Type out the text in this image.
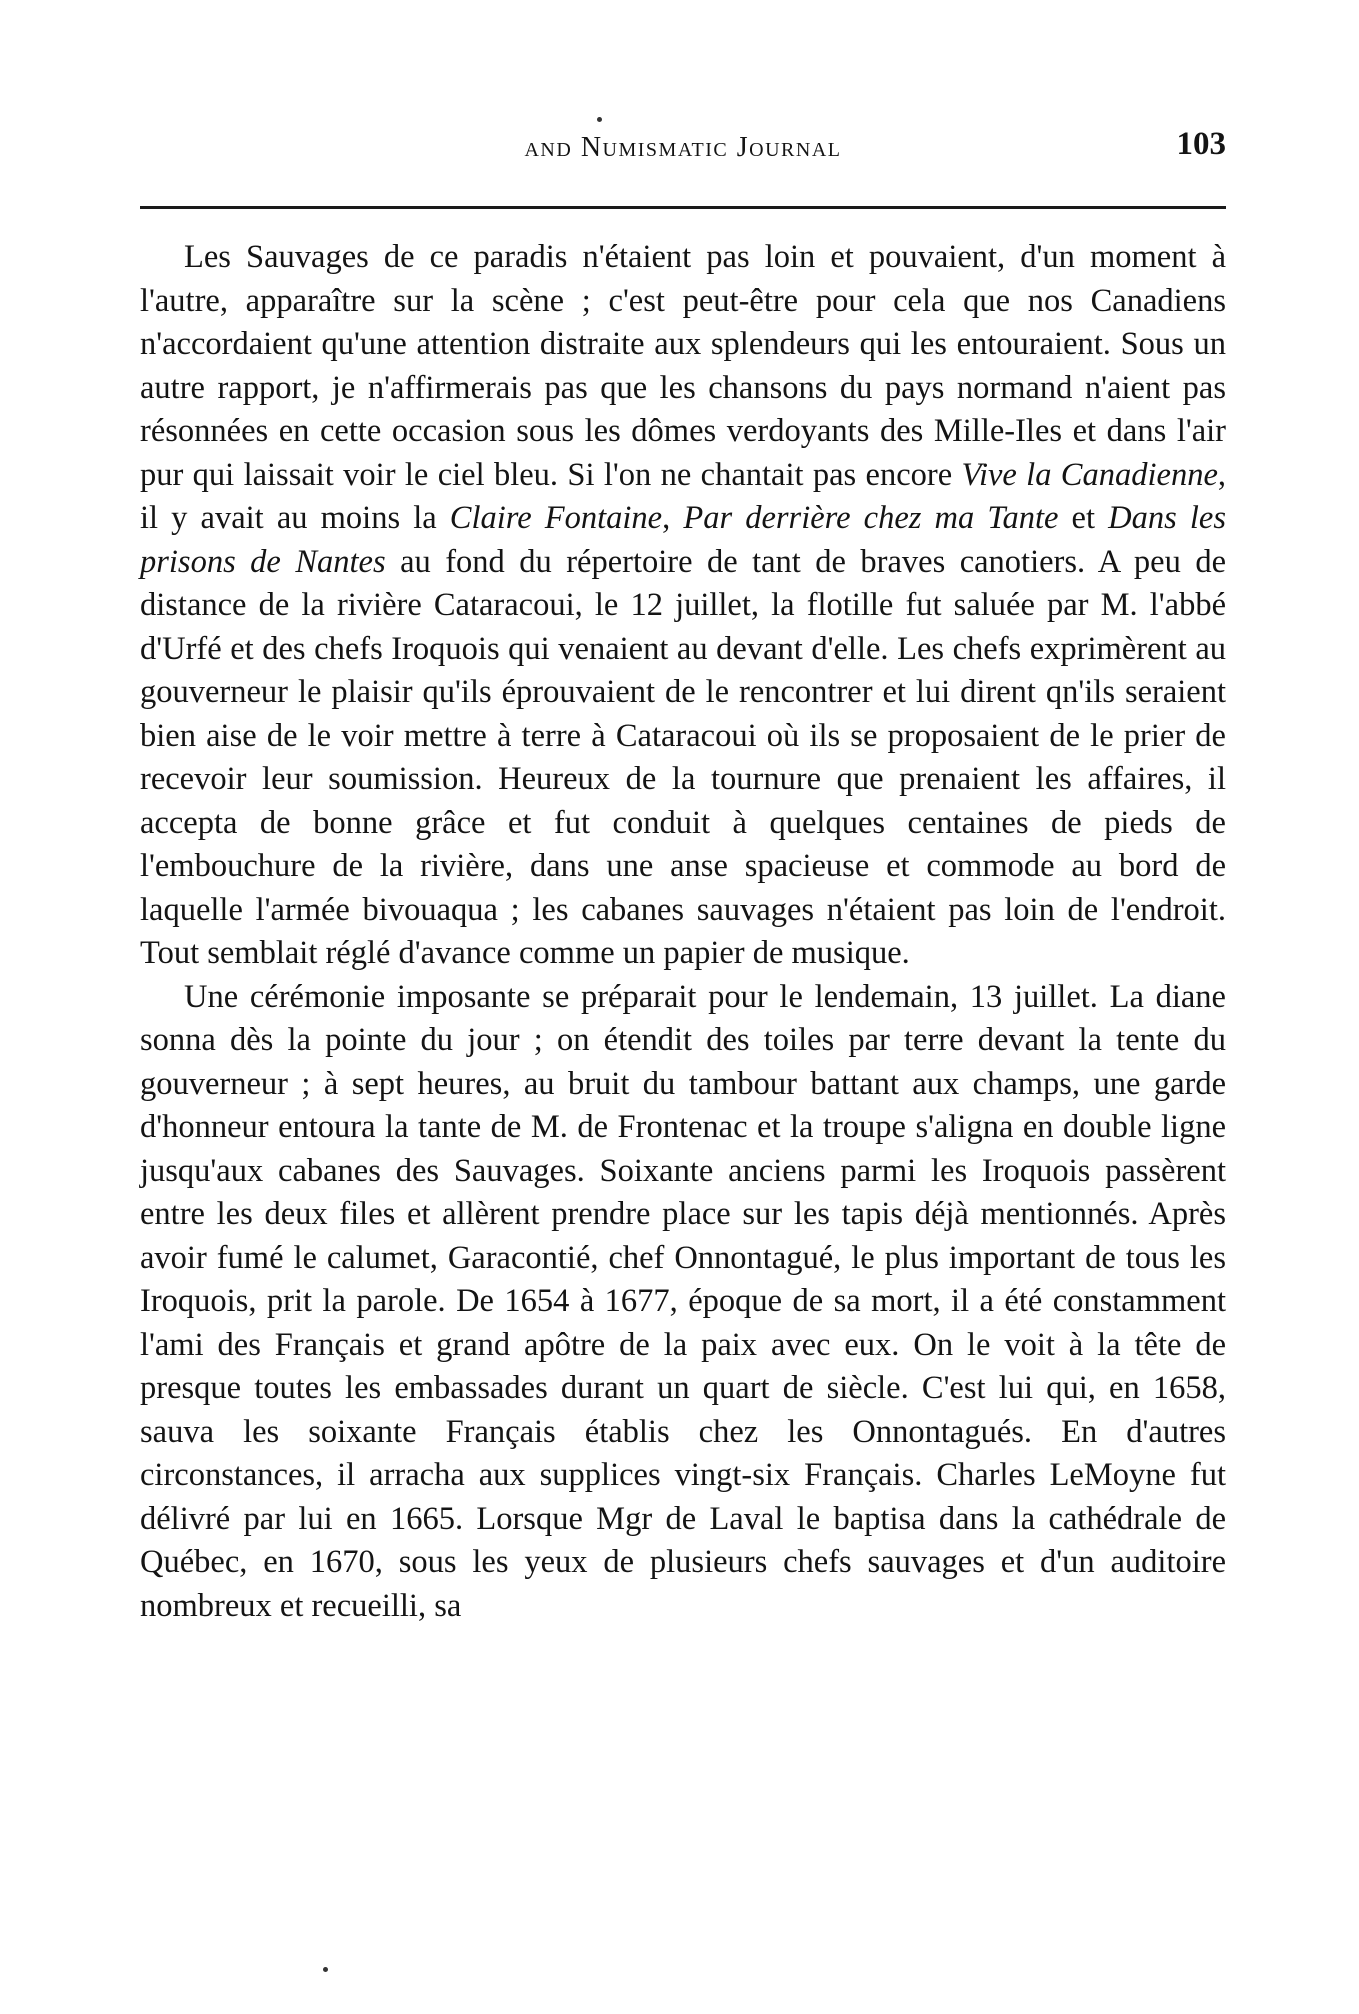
and Numismatic Journal	103

Les Sauvages de ce paradis n'étaient pas loin et pouvaient, d'un moment à l'autre, apparaître sur la scène ; c'est peut-être pour cela que nos Canadiens n'accordaient qu'une attention distraite aux splendeurs qui les entouraient. Sous un autre rapport, je n'affirmerais pas que les chansons du pays normand n'aient pas résonnées en cette occasion sous les dômes verdoyants des Mille-Iles et dans l'air pur qui laissait voir le ciel bleu. Si l'on ne chantait pas encore Vive la Canadienne, il y avait au moins la Claire Fontaine, Par derrière chez ma Tante et Dans les prisons de Nantes au fond du répertoire de tant de braves canotiers. A peu de distance de la rivière Cataracoui, le 12 juillet, la flotille fut saluée par M. l'abbé d'Urfé et des chefs Iroquois qui venaient au devant d'elle. Les chefs exprimèrent au gouverneur le plaisir qu'ils éprouvaient de le rencontrer et lui dirent qn'ils seraient bien aise de le voir mettre à terre à Cataracoui où ils se proposaient de le prier de recevoir leur soumission. Heureux de la tournure que prenaient les affaires, il accepta de bonne grâce et fut conduit à quelques centaines de pieds de l'embouchure de la rivière, dans une anse spacieuse et commode au bord de laquelle l'armée bivouaqua ; les cabanes sauvages n'étaient pas loin de l'endroit. Tout semblait réglé d'avance comme un papier de musique.

Une cérémonie imposante se préparait pour le lendemain, 13 juillet. La diane sonna dès la pointe du jour ; on étendit des toiles par terre devant la tente du gouverneur ; à sept heures, au bruit du tambour battant aux champs, une garde d'honneur entoura la tante de M. de Frontenac et la troupe s'aligna en double ligne jusqu'aux cabanes des Sauvages. Soixante anciens parmi les Iroquois passèrent entre les deux files et allèrent prendre place sur les tapis déjà mentionnés. Après avoir fumé le calumet, Garacontié, chef Onnontagué, le plus important de tous les Iroquois, prit la parole. De 1654 à 1677, époque de sa mort, il a été constamment l'ami des Français et grand apôtre de la paix avec eux. On le voit à la tête de presque toutes les embassades durant un quart de siècle. C'est lui qui, en 1658, sauva les soixante Français établis chez les Onnontagués. En d'autres circonstances, il arracha aux supplices vingt-six Français. Charles LeMoyne fut délivré par lui en 1665. Lorsque Mgr de Laval le baptisa dans la cathédrale de Québec, en 1670, sous les yeux de plusieurs chefs sauvages et d'un auditoire nombreux et recueilli, sa
